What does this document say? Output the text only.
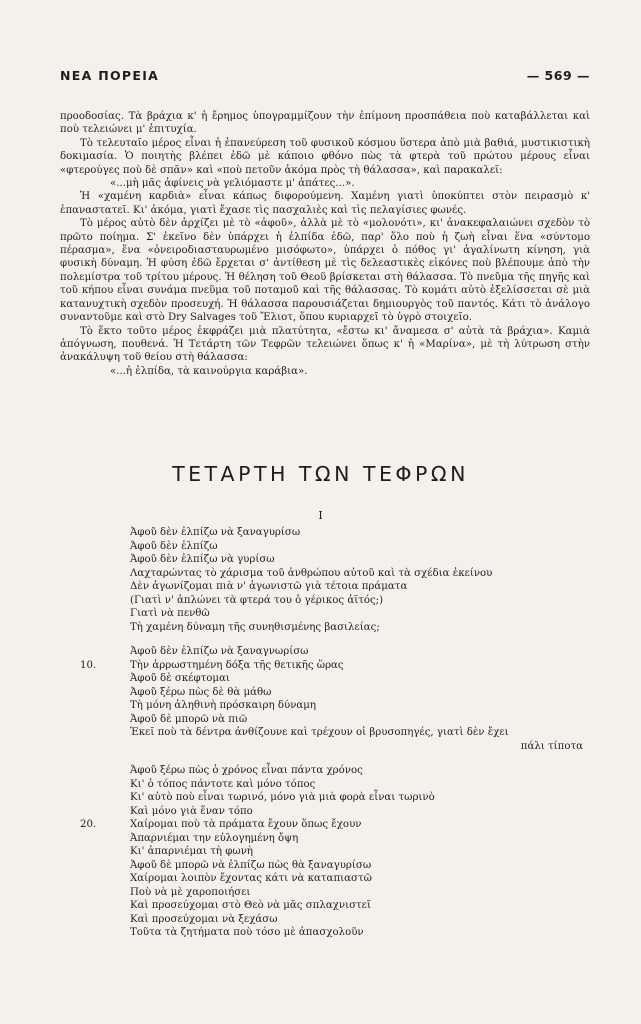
ΝΕΑ ΠΟΡΕΙΑ	— 569 —

προοδοσίας. Τὰ βράχια κ' ἡ ἔρημος ὑπογραμμίζουν τὴν ἐπίμονη προσπάθεια ποὺ καταβάλλεται καὶ ποὺ τελειώνει μ' ἐπιτυχία.

Τὸ τελευταῖο μέρος εἶναι ἡ ἐπανεύρεση τοῦ φυσικοῦ κόσμου ὕστερα ἀπὸ μιὰ βαθιά, μυστικιστικὴ δοκιμασία. Ὁ ποιητὴς βλέπει ἐδῶ μὲ κάποιο φθόνο πὼς τὰ φτερὰ τοῦ πρώτου μέρους εἶναι «φτερούγες ποὺ δὲ σπᾶν» καὶ «ποὺ πετοῦν ἀκόμα πρὸς τὴ θάλασσα», καὶ παρακαλεῖ:

«...μὴ μᾶς ἀφίνεις νὰ γελιόμαστε μ' ἀπάτες...».

Ἡ «χαμένη καρδιὰ» εἶναι κάπως διφορούμενη. Χαμένη γιατὶ ὑποκύπτει στὸν πειρασμὸ κ' ἐπαναστατεῖ. Κι' ἀκόμα, γιατὶ ἔχασε τὶς πασχαλιὲς καὶ τὶς πελαγίσιες φωνές.

Τὸ μέρος αὐτὸ δὲν ἀρχίζει μὲ τὸ «ἀφοῦ», ἀλλὰ μὲ τὸ «μολονότι», κι' ἀνακεφαλαιώνει σχεδὸν τὸ πρῶτο ποίημα. Σ' ἐκεῖνο δὲν ὑπάρχει ἡ ἐλπίδα ἐδῶ, παρ' ὅλο ποὺ ἡ ζωὴ εἶναι ἕνα «σύντομο πέρασμα», ἕνα «ὀνειροδιασταυρωμένο μισόφωτο», ὑπάρχει ὁ πόθος γι' ἀγαλίνωτη κίνηση, γιὰ φυσικὴ δύναμη. Ἡ φύση ἐδῶ ἔρχεται σ' ἀντίθεση μὲ τὶς δελεαστικὲς εἰκόνες ποὺ βλέπουμε ἀπὸ τὴν πολεμίστρα τοῦ τρίτου μέρους. Ἡ θέληση τοῦ Θεοῦ βρίσκεται στὴ θάλασσα. Τὸ πνεῦμα τῆς πηγῆς καὶ τοῦ κήπου εἶναι συνάμα πνεῦμα τοῦ ποταμοῦ καὶ τῆς θάλασσας. Τὸ κομάτι αὐτὸ ἐξελίσσεται σὲ μιὰ κατανυχτικὴ σχεδὸν προσευχή. Ἡ θάλασσα παρουσιάζεται δημιουργὸς τοῦ παντός. Κάτι τὸ ἀνάλογο συναντοῦμε καὶ στὸ Dry Salvages τοῦ Ἔλιοτ, ὅπου κυριαρχεῖ τὸ ὑγρὸ στοιχεῖο.

Τὸ ἕκτο τοῦτο μέρος ἐκφράζει μιὰ πλατύτητα, «ἔστω κι' ἄναμεσα σ' αὐτὰ τὰ βράχια». Καμιὰ ἀπόγνωση, πουθενά. Ἡ Τετάρτη τῶν Τεφρῶν τελειώνει ὅπως κ' ἡ «Μαρίνα», μὲ τὴ λύτρωση στὴν ἀνακάλυψη τοῦ θείου στὴ θάλασσα:

«...ἡ ἐλπίδα, τὰ καινούργια καράβια».

ΤΕΤΑΡΤΗ ΤΩΝ ΤΕΦΡΩΝ
Ι
Ἀφοῦ δὲν ἐλπίζω νὰ ξαναγυρίσω
Ἀφοῦ δὲν ἐλπίζω
Ἀφοῦ δὲν ἐλπίζω νὰ γυρίσω
Λαχταρώντας τὸ χάρισμα τοῦ ἀνθρώπου αὐτοῦ καὶ τὰ σχέδια ἐκείνου
Δὲν ἀγωνίζομαι πιὰ ν' ἀγωνιστῶ γιὰ τέτοια πράματα
(Γιατὶ ν' ἁπλώνει τὰ φτερά του ὁ γέρικος ἀϊτός;)
Γιατὶ νὰ πενθῶ
Τὴ χαμένη δύναμη τῆς συνηθισμένης βασιλείας;
Ἀφοῦ δὲν ἐλπίζω νὰ ξαναγνωρίσω
10.	Τὴν ἀρρωστημένη δόξα τῆς θετικῆς ὥρας
Ἀφοῦ δὲ σκέφτομαι
Ἀφοῦ ξέρω πὼς δὲ θὰ μάθω
Τὴ μόνη ἀληθινὴ πρόσκαιρη δύναμη
Ἀφοῦ δὲ μπορῶ νὰ πιῶ
Ἐκεῖ ποὺ τὰ δέντρα ἀνθίζουνε καὶ τρέχουν οἱ βρυσοπηγές, γιατὶ δὲν ἔχει
πάλι τίποτα
Ἀφοῦ ξέρω πὼς ὁ χρόνος εἶναι πάντα χρόνος
Κι' ὁ τόπος πάντοτε καὶ μόνο τόπος
Κι' αὐτὸ ποὺ εἶναι τωρινό, μόνο γιὰ μιὰ φορὰ εἶναι τωρινὸ
Καὶ μόνο γιὰ ἕναν τόπο
20.	Χαίρομαι ποὺ τὰ πράματα ἔχουν ὅπως ἔχουν
Ἀπαρνιέμαι την εὐλογημένη ὄψη
Κι' ἀπαρνιέμαι τὴ φωνὴ
Ἀφοῦ δὲ μπορῶ νὰ ἐλπίζω πὼς θὰ ξαναγυρίσω
Χαίρομαι λοιπὸν ἔχοντας κάτι νὰ καταπιαστῶ
Ποὺ νὰ μὲ χαροποιήσει
Καὶ προσεύχομαι στὸ Θεὸ νὰ μᾶς σπλαχνιστεῖ
Καὶ προσεύχομαι νὰ ξεχάσω
Τοῦτα τὰ ζητήματα ποὺ τόσο μὲ ἀπασχολοῦν
